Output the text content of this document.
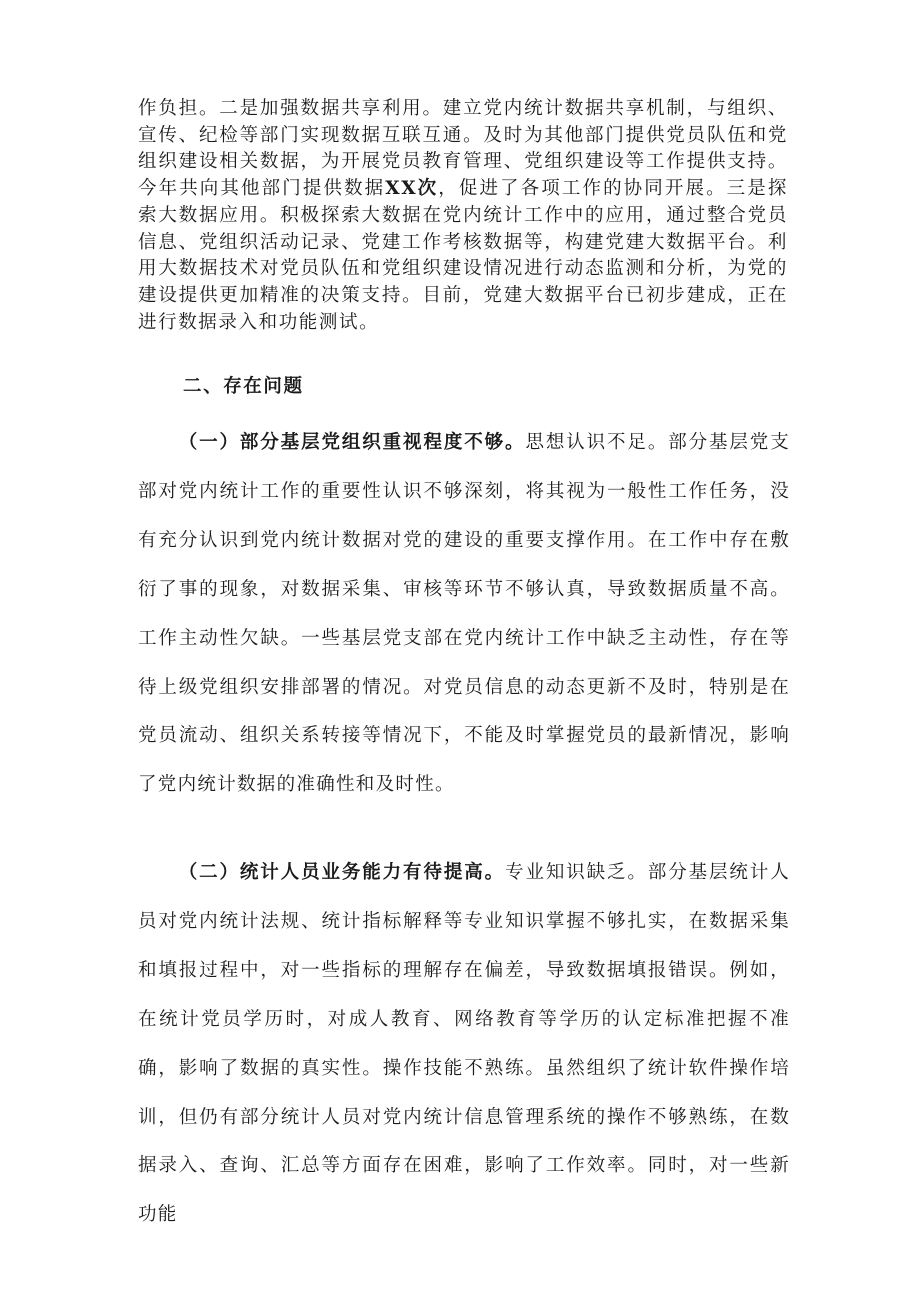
作负担。二是加强数据共享利用。建立党内统计数据共享机制，与组织、宣传、纪检等部门实现数据互联互通。及时为其他部门提供党员队伍和党组织建设相关数据，为开展党员教育管理、党组织建设等工作提供支持。今年共向其他部门提供数据XX次，促进了各项工作的协同开展。三是探索大数据应用。积极探索大数据在党内统计工作中的应用，通过整合党员信息、党组织活动记录、党建工作考核数据等，构建党建大数据平台。利用大数据技术对党员队伍和党组织建设情况进行动态监测和分析，为党的建设提供更加精准的决策支持。目前，党建大数据平台已初步建成，正在进行数据录入和功能测试。

二、存在问题

（一）部分基层党组织重视程度不够。思想认识不足。部分基层党支部对党内统计工作的重要性认识不够深刻，将其视为一般性工作任务，没有充分认识到党内统计数据对党的建设的重要支撑作用。在工作中存在敷衍了事的现象，对数据采集、审核等环节不够认真，导致数据质量不高。工作主动性欠缺。一些基层党支部在党内统计工作中缺乏主动性，存在等待上级党组织安排部署的情况。对党员信息的动态更新不及时，特别是在党员流动、组织关系转接等情况下，不能及时掌握党员的最新情况，影响了党内统计数据的准确性和及时性。

（二）统计人员业务能力有待提高。专业知识缺乏。部分基层统计人员对党内统计法规、统计指标解释等专业知识掌握不够扎实，在数据采集和填报过程中，对一些指标的理解存在偏差，导致数据填报错误。例如，在统计党员学历时，对成人教育、网络教育等学历的认定标准把握不准确，影响了数据的真实性。操作技能不熟练。虽然组织了统计软件操作培训，但仍有部分统计人员对党内统计信息管理系统的操作不够熟练，在数据录入、查询、汇总等方面存在困难，影响了工作效率。同时，对一些新功能
